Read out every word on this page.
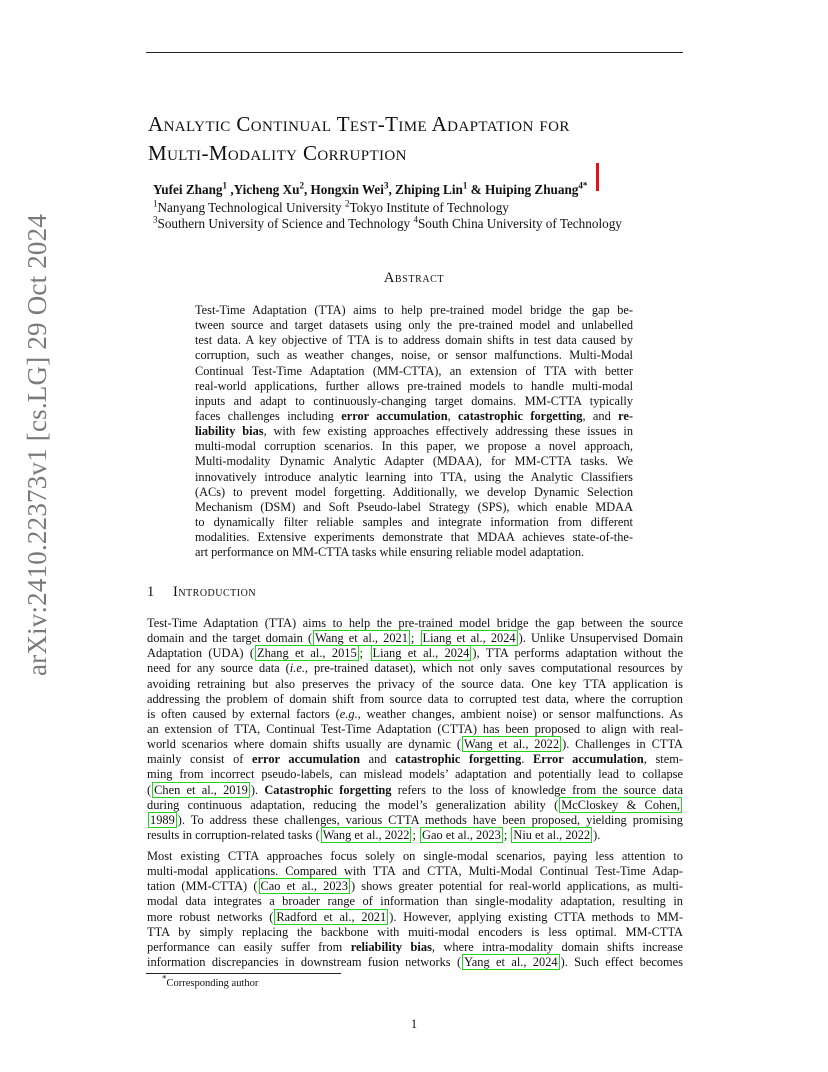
arXiv:2410.22373v1 [cs.LG] 29 Oct 2024
Analytic Continual Test-Time Adaptation for
Multi-Modality Corruption
Yufei Zhang$^1$ ,Yicheng Xu$^2$, Hongxin Wei$^3$, Zhiping Lin$^1$ & Huiping Zhuang$^{4*}$
$^1$Nanyang Technological University $^2$Tokyo Institute of Technology
$^3$Southern University of Science and Technology $^4$South China University of Technology
Abstract
Test-Time Adaptation (TTA) aims to help pre-trained model bridge the gap be-
tween source and target datasets using only the pre-trained model and unlabelled
test data. A key objective of TTA is to address domain shifts in test data caused by
corruption, such as weather changes, noise, or sensor malfunctions. Multi-Modal
Continual Test-Time Adaptation (MM-CTTA), an extension of TTA with better
real-world applications, further allows pre-trained models to handle multi-modal
inputs and adapt to continuously-changing target domains. MM-CTTA typically
faces challenges including error accumulation, catastrophic forgetting, and re-
liability bias, with few existing approaches effectively addressing these issues in
multi-modal corruption scenarios. In this paper, we propose a novel approach,
Multi-modality Dynamic Analytic Adapter (MDAA), for MM-CTTA tasks. We
innovatively introduce analytic learning into TTA, using the Analytic Classifiers
(ACs) to prevent model forgetting. Additionally, we develop Dynamic Selection
Mechanism (DSM) and Soft Pseudo-label Strategy (SPS), which enable MDAA
to dynamically filter reliable samples and integrate information from different
modalities. Extensive experiments demonstrate that MDAA achieves state-of-the-
art performance on MM-CTTA tasks while ensuring reliable model adaptation.
1 Introduction
Test-Time Adaptation (TTA) aims to help the pre-trained model bridge the gap between the source
domain and the target domain ( Wang et al., 2021 ; Liang et al., 2024 ). Unlike Unsupervised Domain
Adaptation (UDA) ( Zhang et al., 2015 ; Liang et al., 2024 ), TTA performs adaptation without the
need for any source data (i.e., pre-trained dataset), which not only saves computational resources by
avoiding retraining but also preserves the privacy of the source data. One key TTA application is
addressing the problem of domain shift from source data to corrupted test data, where the corruption
is often caused by external factors (e.g., weather changes, ambient noise) or sensor malfunctions. As
an extension of TTA, Continual Test-Time Adaptation (CTTA) has been proposed to align with real-
world scenarios where domain shifts usually are dynamic ( Wang et al., 2022 ). Challenges in CTTA
mainly consist of error accumulation and catastrophic forgetting. Error accumulation, stem-
ming from incorrect pseudo-labels, can mislead models’ adaptation and potentially lead to collapse
( Chen et al., 2019 ). Catastrophic forgetting refers to the loss of knowledge from the source data
during continuous adaptation, reducing the model’s generalization ability ( McCloskey & Cohen,
1989 ). To address these challenges, various CTTA methods have been proposed, yielding promising
results in corruption-related tasks ( Wang et al., 2022 ; Gao et al., 2023 ; Niu et al., 2022 ).
Most existing CTTA approaches focus solely on single-modal scenarios, paying less attention to
multi-modal applications. Compared with TTA and CTTA, Multi-Modal Continual Test-Time Adap-
tation (MM-CTTA) ( Cao et al., 2023 ) shows greater potential for real-world applications, as multi-
modal data integrates a broader range of information than single-modality adaptation, resulting in
more robust networks ( Radford et al., 2021 ). However, applying existing CTTA methods to MM-
TTA by simply replacing the backbone with muiti-modal encoders is less optimal. MM-CTTA
performance can easily suffer from reliability bias, where intra-modality domain shifts increase
information discrepancies in downstream fusion networks ( Yang et al., 2024 ). Such effect becomes
*Corresponding author
1
